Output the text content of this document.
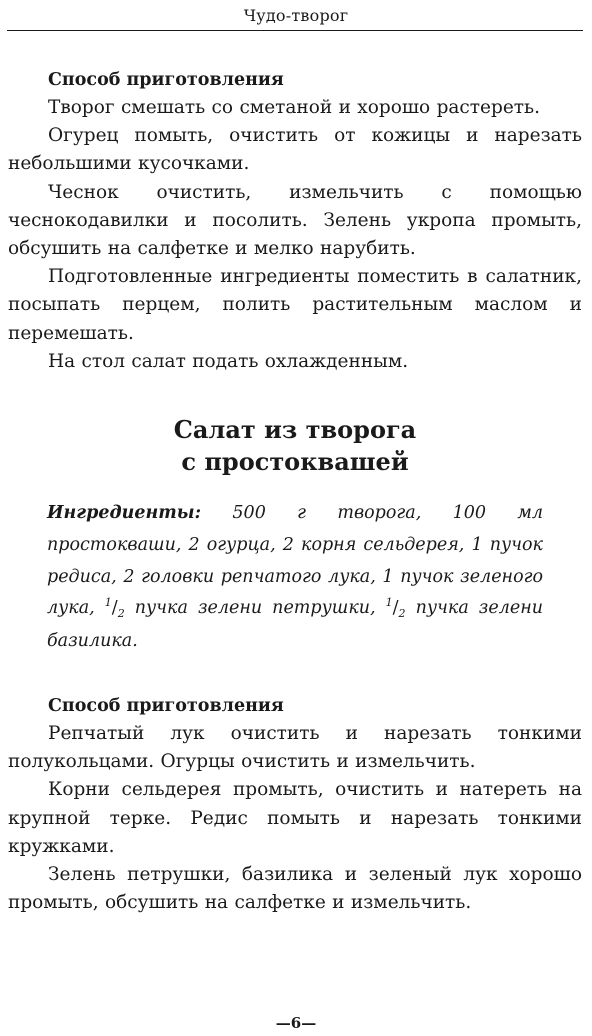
Чудо-творог

Способ приготовления

Творог смешать со сметаной и хорошо растереть.

Огурец помыть, очистить от кожицы и нарезать небольшими кусочками.

Чеснок очистить, измельчить с помощью чеснокодавилки и посолить. Зелень укропа промыть, обсушить на салфетке и мелко нарубить.

Подготовленные ингредиенты поместить в салатник, посыпать перцем, полить растительным маслом и перемешать.

На стол салат подать охлажденным.

Салат из творога

с простоквашей

Ингредиенты: 500 г творога, 100 мл простокваши, 2 огурца, 2 корня сельдерея, 1 пучок редиса, 2 головки репчатого лука, 1 пучок зеленого лука, $^1/_2$ пучка зелени петрушки, $^1/_2$ пучка зелени базилика.

Способ приготовления

Репчатый лук очистить и нарезать тонкими полукольцами. Огурцы очистить и измельчить.

Корни сельдерея промыть, очистить и натереть на крупной терке. Редис помыть и нарезать тонкими кружками.

Зелень петрушки, базилика и зеленый лук хорошо промыть, обсушить на салфетке и измельчить.

—6—
